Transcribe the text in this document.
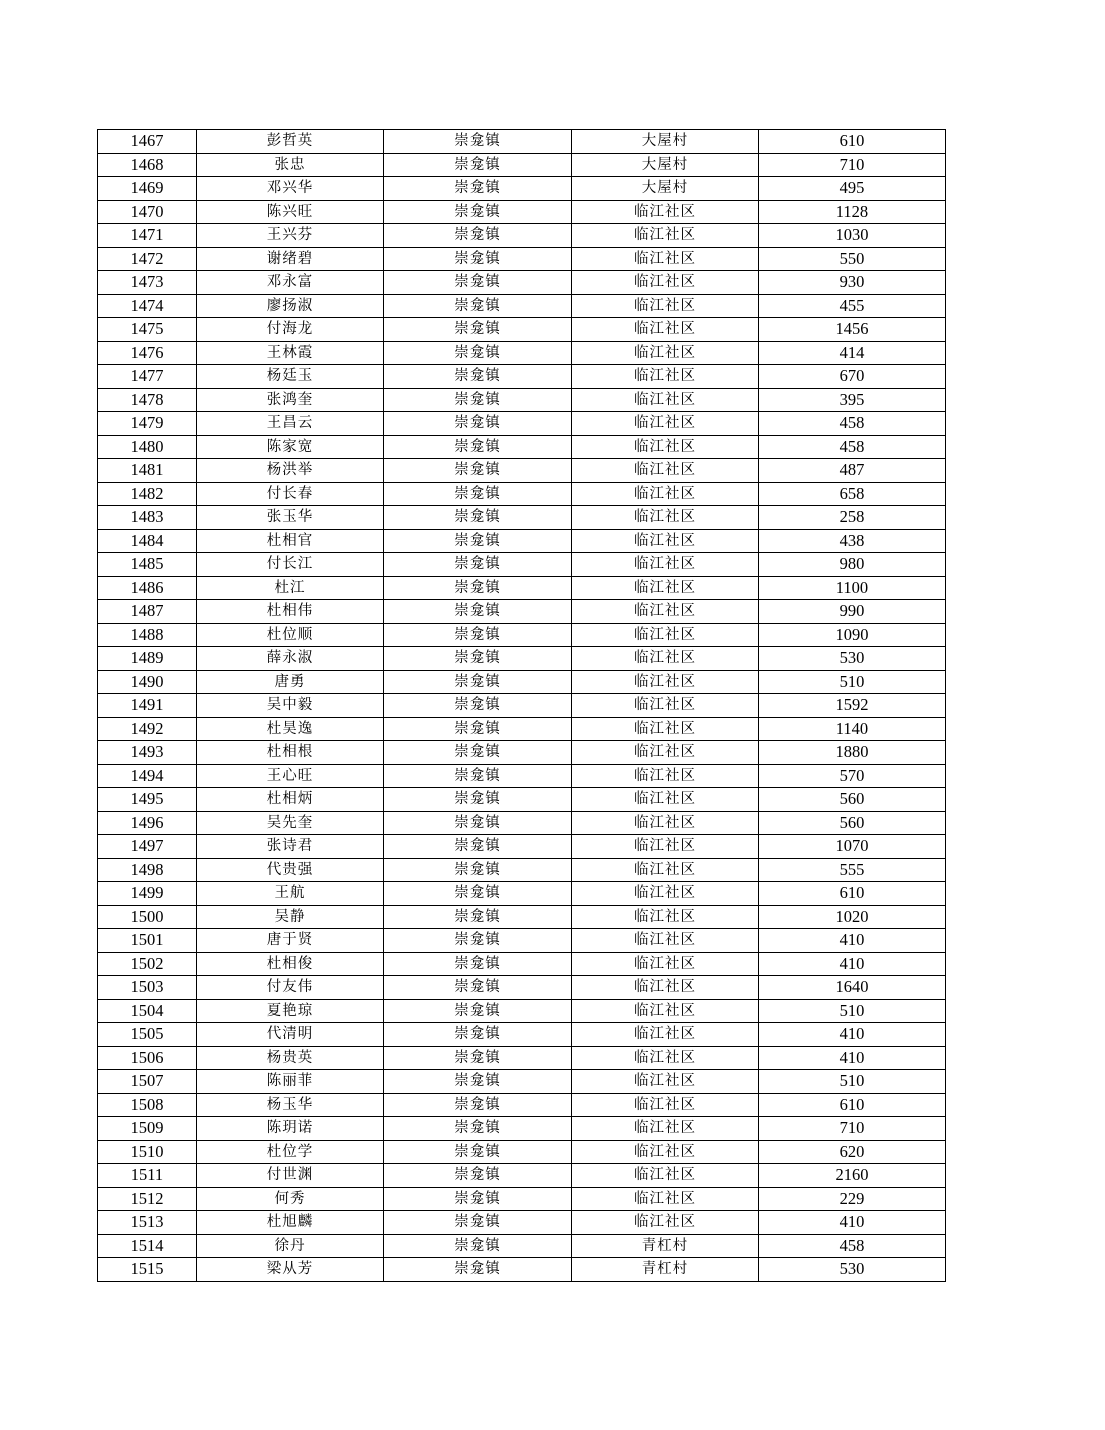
1467	彭哲英	崇龛镇	大屋村	610
1468	张忠	崇龛镇	大屋村	710
1469	邓兴华	崇龛镇	大屋村	495
1470	陈兴旺	崇龛镇	临江社区	1128
1471	王兴芬	崇龛镇	临江社区	1030
1472	谢绪碧	崇龛镇	临江社区	550
1473	邓永富	崇龛镇	临江社区	930
1474	廖扬淑	崇龛镇	临江社区	455
1475	付海龙	崇龛镇	临江社区	1456
1476	王林霞	崇龛镇	临江社区	414
1477	杨廷玉	崇龛镇	临江社区	670
1478	张鸿奎	崇龛镇	临江社区	395
1479	王昌云	崇龛镇	临江社区	458
1480	陈家宽	崇龛镇	临江社区	458
1481	杨洪举	崇龛镇	临江社区	487
1482	付长春	崇龛镇	临江社区	658
1483	张玉华	崇龛镇	临江社区	258
1484	杜相官	崇龛镇	临江社区	438
1485	付长江	崇龛镇	临江社区	980
1486	杜江	崇龛镇	临江社区	1100
1487	杜相伟	崇龛镇	临江社区	990
1488	杜位顺	崇龛镇	临江社区	1090
1489	薛永淑	崇龛镇	临江社区	530
1490	唐勇	崇龛镇	临江社区	510
1491	吴中毅	崇龛镇	临江社区	1592
1492	杜昊逸	崇龛镇	临江社区	1140
1493	杜相根	崇龛镇	临江社区	1880
1494	王心旺	崇龛镇	临江社区	570
1495	杜相炳	崇龛镇	临江社区	560
1496	吴先奎	崇龛镇	临江社区	560
1497	张诗君	崇龛镇	临江社区	1070
1498	代贵强	崇龛镇	临江社区	555
1499	王航	崇龛镇	临江社区	610
1500	吴静	崇龛镇	临江社区	1020
1501	唐于贤	崇龛镇	临江社区	410
1502	杜相俊	崇龛镇	临江社区	410
1503	付友伟	崇龛镇	临江社区	1640
1504	夏艳琼	崇龛镇	临江社区	510
1505	代清明	崇龛镇	临江社区	410
1506	杨贵英	崇龛镇	临江社区	410
1507	陈丽菲	崇龛镇	临江社区	510
1508	杨玉华	崇龛镇	临江社区	610
1509	陈玥诺	崇龛镇	临江社区	710
1510	杜位学	崇龛镇	临江社区	620
1511	付世渊	崇龛镇	临江社区	2160
1512	何秀	崇龛镇	临江社区	229
1513	杜旭麟	崇龛镇	临江社区	410
1514	徐丹	崇龛镇	青杠村	458
1515	梁从芳	崇龛镇	青杠村	530
